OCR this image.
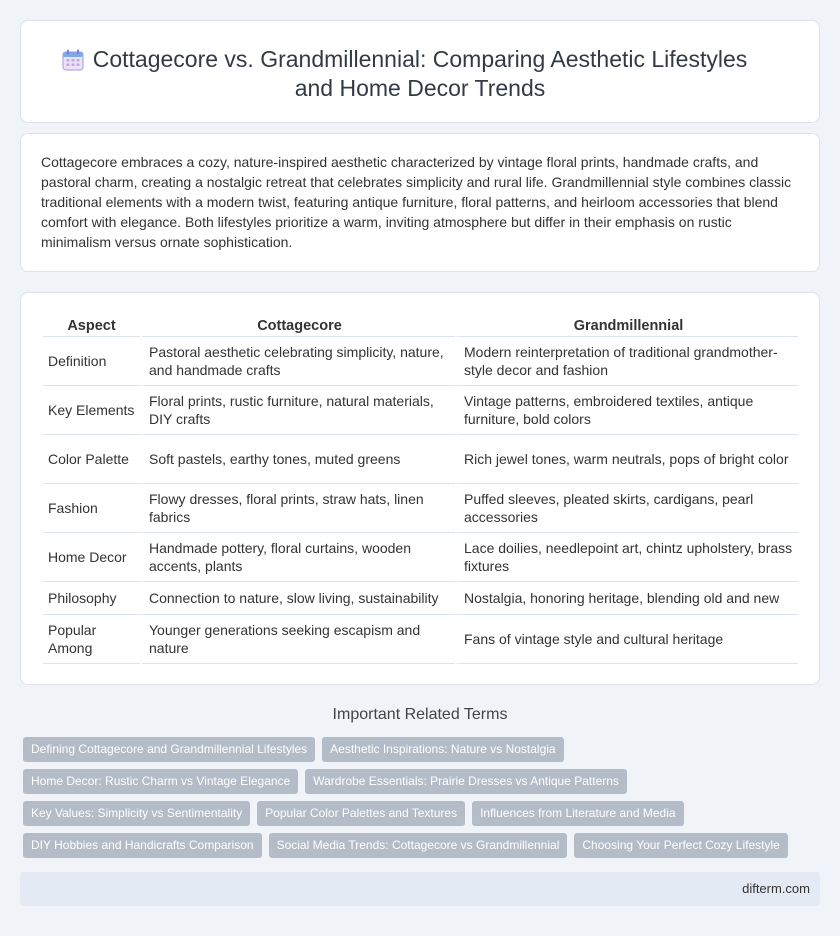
Cottagecore vs. Grandmillennial: Comparing Aesthetic Lifestyles
and Home Decor Trends

Cottagecore embraces a cozy, nature-inspired aesthetic characterized by vintage floral prints, handmade crafts, and pastoral charm, creating a nostalgic retreat that celebrates simplicity and rural life. Grandmillennial style combines classic traditional elements with a modern twist, featuring antique furniture, floral patterns, and heirloom accessories that blend comfort with elegance. Both lifestyles prioritize a warm, inviting atmosphere but differ in their emphasis on rustic minimalism versus ornate sophistication.

Aspect	Cottagecore	Grandmillennial
Definition	Pastoral aesthetic celebrating simplicity, nature, and handmade crafts	Modern reinterpretation of traditional grandmother-style decor and fashion
Key Elements	Floral prints, rustic furniture, natural materials, DIY crafts	Vintage patterns, embroidered textiles, antique furniture, bold colors
Color Palette	Soft pastels, earthy tones, muted greens	Rich jewel tones, warm neutrals, pops of bright color
Fashion	Flowy dresses, floral prints, straw hats, linen fabrics	Puffed sleeves, pleated skirts, cardigans, pearl accessories
Home Decor	Handmade pottery, floral curtains, wooden accents, plants	Lace doilies, needlepoint art, chintz upholstery, brass fixtures
Philosophy	Connection to nature, slow living, sustainability	Nostalgia, honoring heritage, blending old and new
Popular Among	Younger generations seeking escapism and nature	Fans of vintage style and cultural heritage
Important Related Terms
Defining Cottagecore and Grandmillennial Lifestyles	Aesthetic Inspirations: Nature vs Nostalgia
Home Decor: Rustic Charm vs Vintage Elegance	Wardrobe Essentials: Prairie Dresses vs Antique Patterns
Key Values: Simplicity vs Sentimentality	Popular Color Palettes and Textures	Influences from Literature and Media
DIY Hobbies and Handicrafts Comparison	Social Media Trends: Cottagecore vs Grandmillennial	Choosing Your Perfect Cozy Lifestyle
difterm.com
